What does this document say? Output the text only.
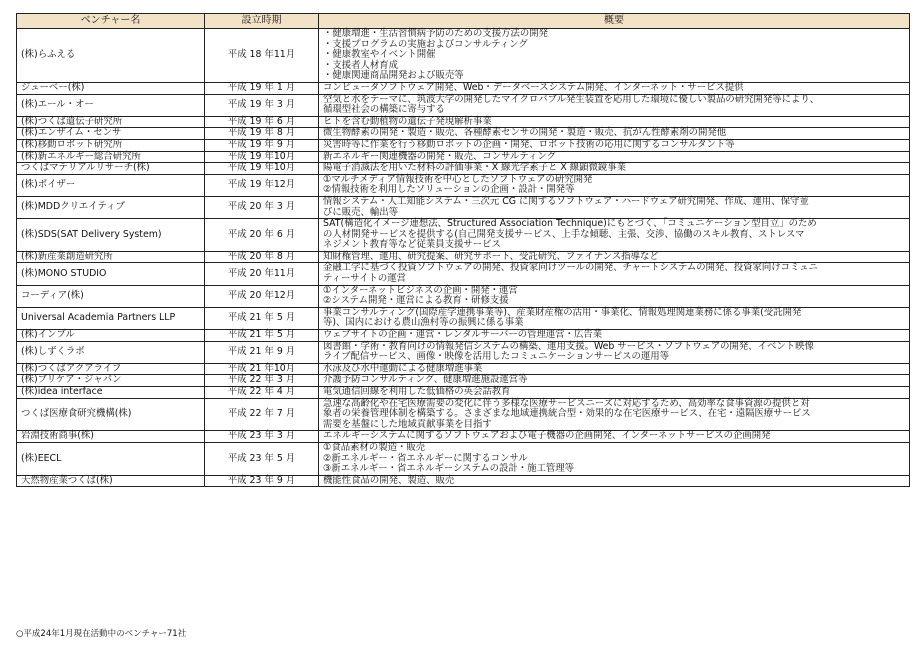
ベンチャー名	設立時期	概要
(株)らふえる	平成 18 年11月	・健康増進・生活習慣病予防のための支援方法の開発
・支援プログラムの実施およびコンサルティング
・健康教室やイベント開催
・支援者人材育成
・健康関連商品開発および販売等

ジューベー(株)	平成 19 年 1 月	コンピュータソフトウェア開発、Web・データベースシステム開発、インターネット・サービス提供

(株)エール・オー	平成 19 年 3 月	空気と水をテーマに、筑波大学の開発したマイクロバブル発生装置を応用した環境に優しい製品の研究開発等により、
循環型社会の構築に寄与する

(株)つくば遺伝子研究所	平成 19 年 6 月	ヒトを含む動植物の遺伝子発現解析事業

(株)エンザイム・センサ	平成 19 年 8 月	微生物酵素の開発・製造・販売、各種酵素センサの開発・製造・販売、抗がん性酵素剤の開発他

(株)移動ロボット研究所	平成 19 年 9 月	災害時等に作業を行う移動ロボットの企画・開発、ロボット技術の応用に関するコンサルタント等

(株)新エネルギー総合研究所	平成 19 年10月	新エネルギー関連機器の開発・販売、コンサルティング

つくばマテリアルリサーチ(株)	平成 19 年10月	陽電子消滅法を用いた材料の評価事業・X 線光学素子と X 線顕微鏡事業

(株)ボイザー	平成 19 年12月	①マルチメディア情報技術を中心としたソフトウェアの研究開発
②情報技術を利用したソリューションの企画・設計・開発等

(株)MDDクリエイティブ	平成 20 年 3 月	情報システム・人工知能システム・三次元 CG に関するソフトウェア・ハードウェア研究開発、作成、運用、保守並
びに販売、輸出等

(株)SDS(SAT Delivery System)	平成 20 年 6 月	SAT(構造化イメージ連想法、Structured Association Technique)にもとづく、「コミュニケーション型自立」のため
の人材開発サービスを提供する(自己開発支援サービス、上手な傾聴、主張、交渉、協働のスキル教育、ストレスマ
ネジメント教育等など従業員支援サービス

(株)新産業創造研究所	平成 20 年 8 月	知財権管理、運用、研究提案、研究サポート、受託研究、ファイナンス指導など

(株)MONO STUDIO	平成 20 年11月	金融工学に基づく投資ソフトウェアの開発、投資家向けツールの開発、チャートシステムの開発、投資家向けコミュニ
ティーサイトの運営

コーディア(株)	平成 20 年12月	①インターネットビジネスの企画・開発・運営
②システム開発・運営による教育・研修支援

Universal Academia Partners LLP	平成 21 年 5 月	事業コンサルティング(国際産学連携事業等)、産業財産権の活用・事業化、情報処理関連業務に係る事業(受託開発
等)、国内における農山漁村等の振興に係る事業

(株)インプル	平成 21 年 5 月	ウェブサイトの企画・運営・レンタルサーバーの管理運営・広告業

(株)しずくラボ	平成 21 年 9 月	図書館・学術・教育向けの情報発信システムの構築、運用支援。Web サービス・ソフトウェアの開発、イベント映像
ライブ配信サービス、画像・映像を活用したコミュニケーションサービスの運用等

(株)つくばアクアライフ	平成 21 年10月	水泳及び水中運動による健康増進事業

(株)ブリケア・ジャパン	平成 22 年 3 月	介護予防コンサルティング、健康増進施設運営等

(株)idea interface	平成 22 年 4 月	電気通信回線を利用した低価格の英会話教育

つくば医療食研究機構(株)	平成 22 年 7 月	急速な高齢化や在宅医療需要の変化に伴う多様な医療サービスニーズに対応するため、高効率な食事資源の提供と対
象者の栄養管理体制を構築する。さまざまな地域連携統合型・効果的な在宅医療サービス、在宅・遠隔医療サービス
需要を基盤にした地域貢献事業を目指す

岩淵技術商事(株)	平成 23 年 3 月	エネルギーシステムに関するソフトウェアおよび電子機器の企画開発、インターネットサービスの企画開発

(株)EECL	平成 23 年 5 月	①食品素材の製造・販売
②新エネルギー・省エネルギーに関するコンサル
③新エネルギー・省エネルギーシステムの設計・施工管理等

天然物産業つくば(株)	平成 23 年 9 月	機能性食品の開発、製造、販売
○平成24年1月現在活動中のベンチャー71社
